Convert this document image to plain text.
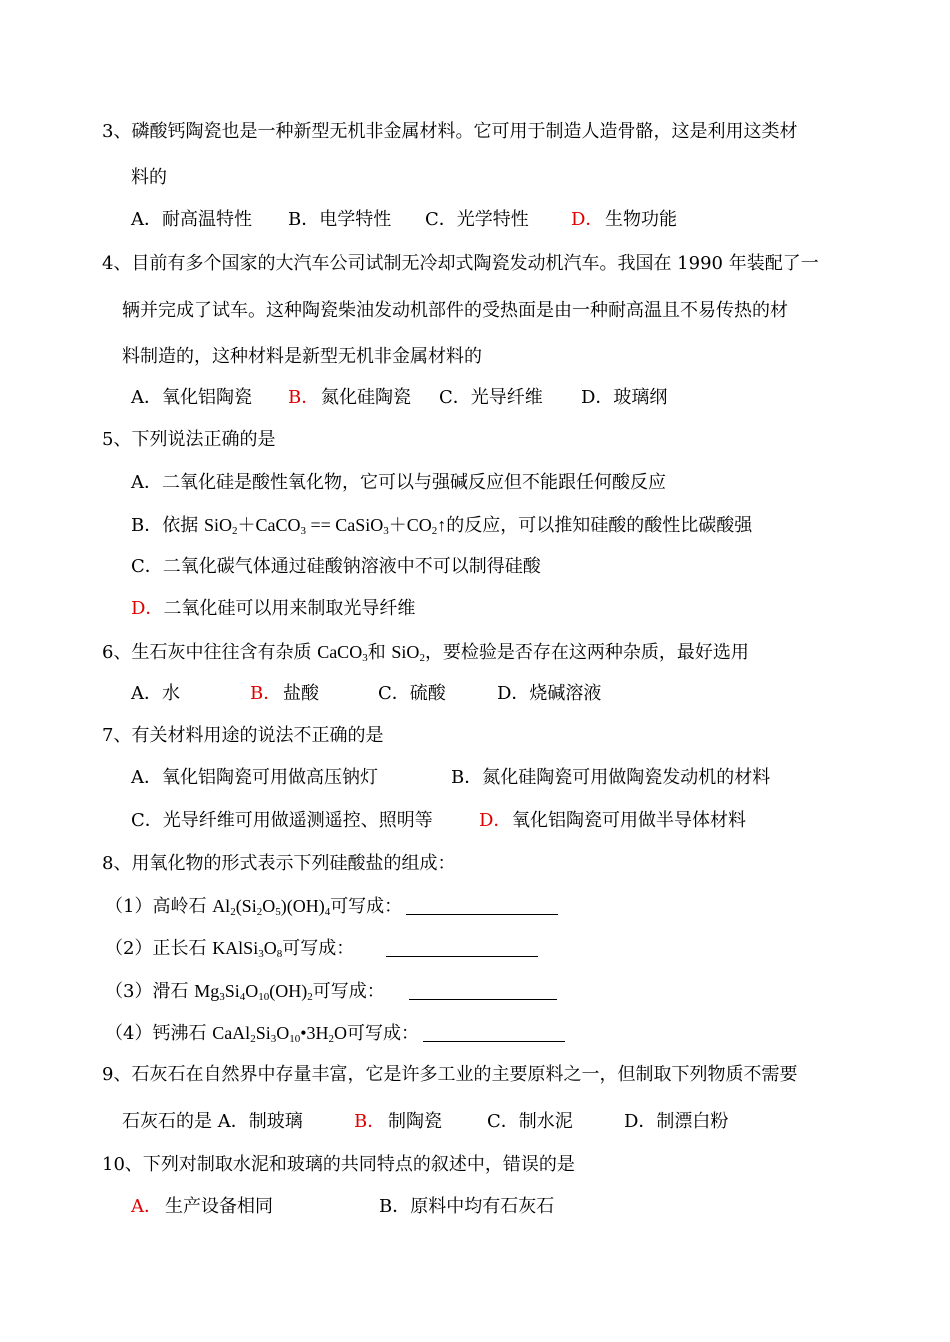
3、磷酸钙陶瓷也是一种新型无机非金属材料。它可用于制造人造骨骼，这是利用这类材
料的
A．耐高温特性 B．电学特性 C．光学特性 D． 生物功能
4、目前有多个国家的大汽车公司试制无冷却式陶瓷发动机汽车。我国在 1990 年装配了一
辆并完成了试车。这种陶瓷柴油发动机部件的受热面是由一种耐高温且不易传热的材
料制造的，这种材料是新型无机非金属材料的
A．氧化铝陶瓷 B． 氮化硅陶瓷 C．光导纤维 D．玻璃纲
5、下列说法正确的是
A．二氧化硅是酸性氧化物，它可以与强碱反应但不能跟任何酸反应
B．依据 SiO$_2$＋CaCO$_3$ == $CaSiO_3+CO_2↑$的反应，可以推知硅酸的酸性比碳酸强
C．二氧化碳气体通过硅酸钠溶液中不可以制得硅酸
D．二氧化硅可以用来制取光导纤维
6、生石灰中往往含有杂质 CaCO$_3$和 SiO$_2$，要检验是否存在这两种杂质，最好选用
A．水	B． 盐酸	C．硫酸	D．烧碱溶液
7、有关材料用途的说法不正确的是
A．氧化铝陶瓷可用做高压钠灯	B．氮化硅陶瓷可用做陶瓷发动机的材料
C．光导纤维可用做遥测遥控、照明等	D． 氧化铝陶瓷可用做半导体材料
8、用氧化物的形式表示下列硅酸盐的组成：
（1）高岭石 $Al_2(Si_2O_5)(OH)_4$可写成：
（2）正长石 $KAlSi_3O_8$可写成：
（3）滑石 $Mg_3Si_4O_{10}(OH)_2$可写成：
（4）钙沸石 $CaAl_2Si_3O_{10}•3H_2O$可写成：
9、石灰石在自然界中存量丰富，它是许多工业的主要原料之一，但制取下列物质不需要
石灰石的是 A．制玻璃	B． 制陶瓷	C．制水泥	D．制漂白粉
10、下列对制取水泥和玻璃的共同特点的叙述中，错误的是
A． 生产设备相同	B．原料中均有石灰石
